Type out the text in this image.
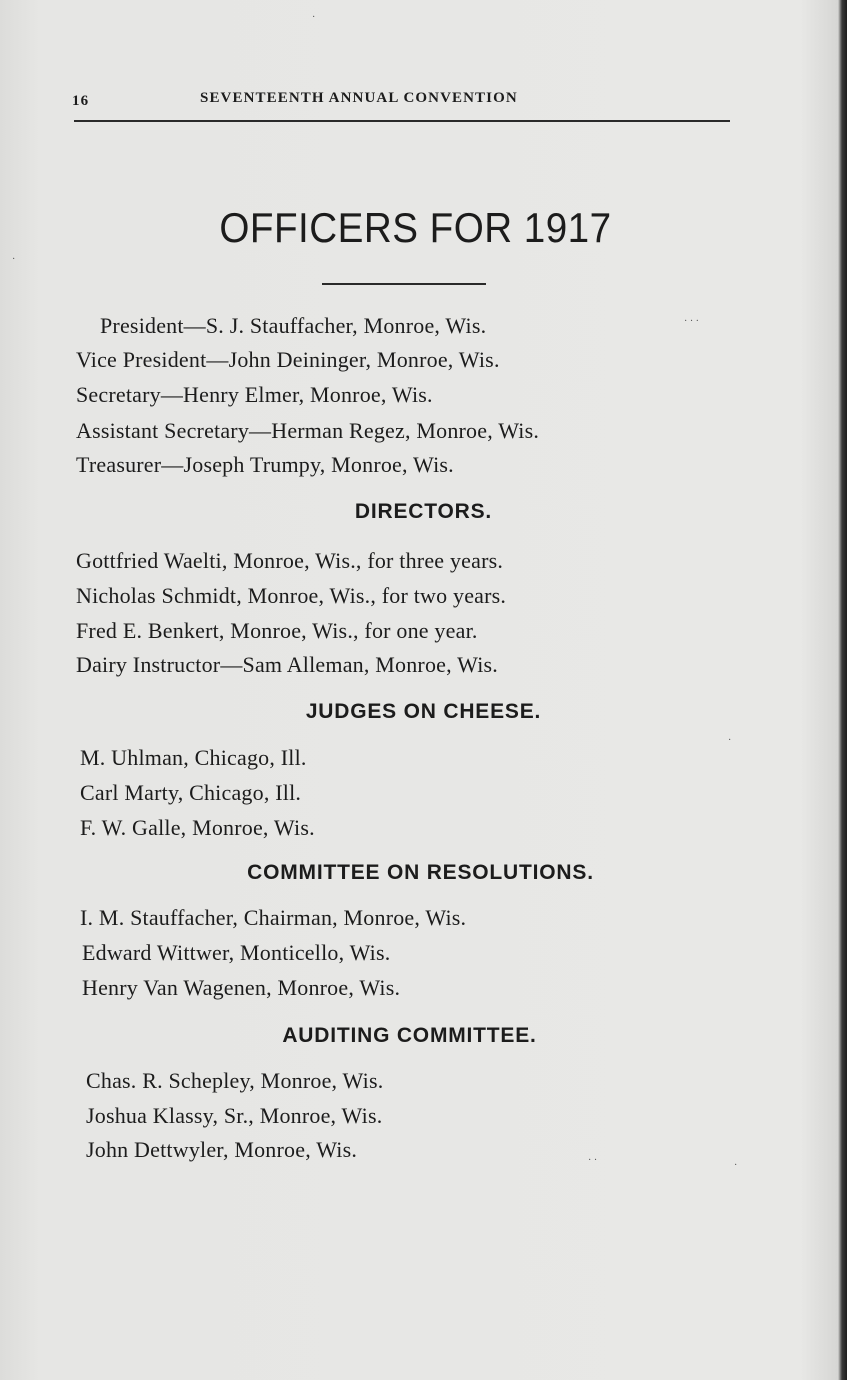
16	SEVENTEENTH ANNUAL CONVENTION
OFFICERS FOR 1917
President—S. J. Stauffacher, Monroe, Wis.
Vice President—John Deininger, Monroe, Wis.
Secretary—Henry Elmer, Monroe, Wis.
Assistant Secretary—Herman Regez, Monroe, Wis.
Treasurer—Joseph Trumpy, Monroe, Wis.
DIRECTORS.
Gottfried Waelti, Monroe, Wis., for three years.
Nicholas Schmidt, Monroe, Wis., for two years.
Fred E. Benkert, Monroe, Wis., for one year.
Dairy Instructor—Sam Alleman, Monroe, Wis.
JUDGES ON CHEESE.
M. Uhlman, Chicago, Ill.
Carl Marty, Chicago, Ill.
F. W. Galle, Monroe, Wis.
COMMITTEE ON RESOLUTIONS.
I. M. Stauffacher, Chairman, Monroe, Wis.
Edward Wittwer, Monticello, Wis.
Henry Van Wagenen, Monroe, Wis.
AUDITING COMMITTEE.
Chas. R. Schepley, Monroe, Wis.
Joshua Klassy, Sr., Monroe, Wis.
John Dettwyler, Monroe, Wis.
·
· · ·
·
·
· ·	·
